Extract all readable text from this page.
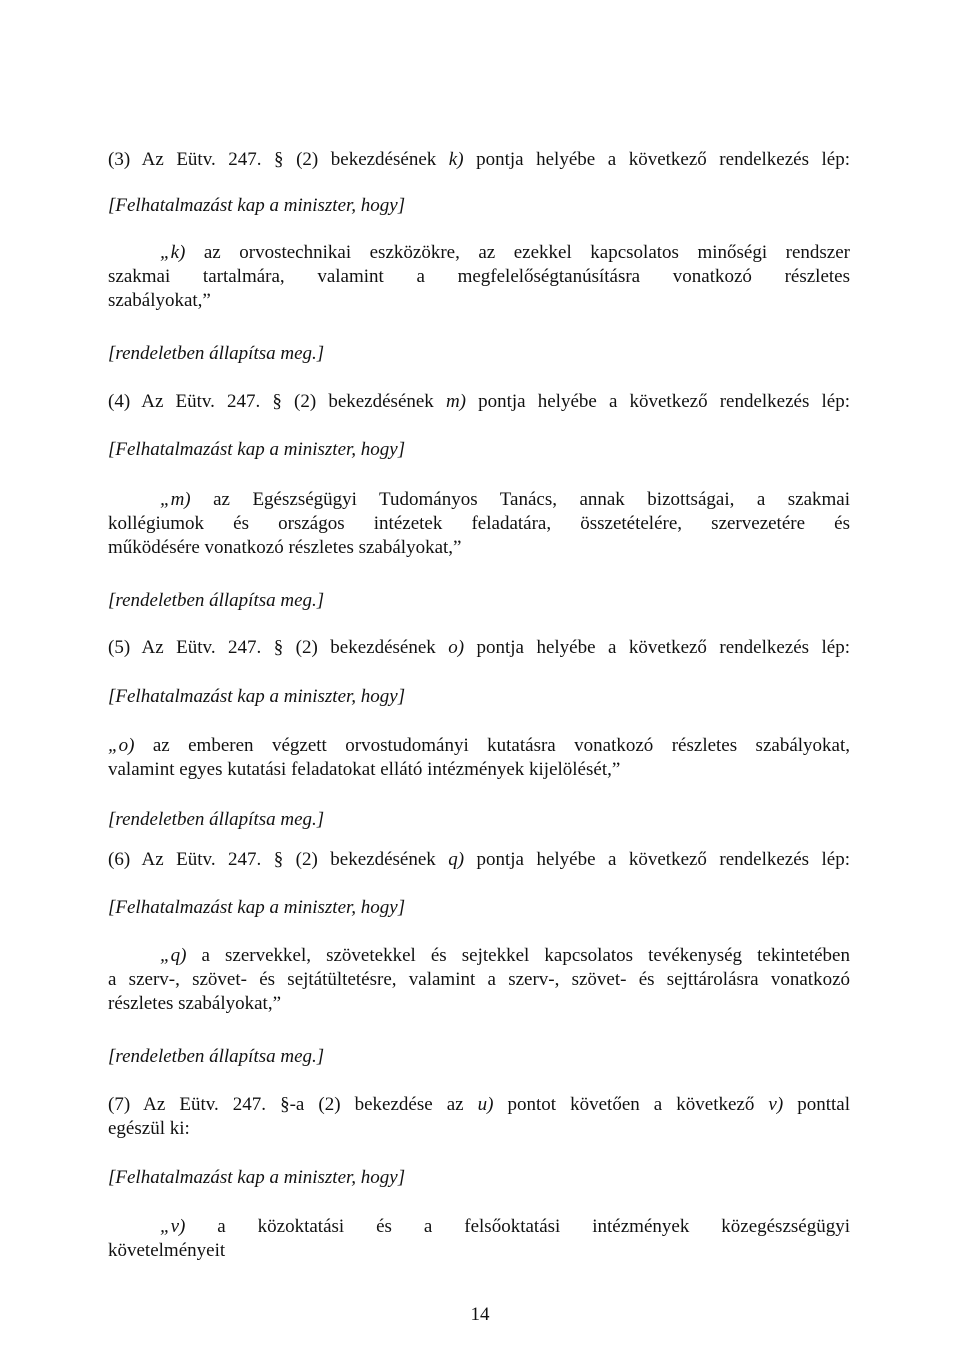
(3) Az Eütv. 247. § (2) bekezdésének k) pontja helyébe a következő rendelkezés lép:
[Felhatalmazást kap a miniszter, hogy]
„k) az orvostechnikai eszközökre, az ezekkel kapcsolatos minőségi rendszer
szakmai tartalmára, valamint a megfelelőségtanúsításra vonatkozó részletes
szabályokat,”
[rendeletben állapítsa meg.]
(4) Az Eütv. 247. § (2) bekezdésének m) pontja helyébe a következő rendelkezés lép:
[Felhatalmazást kap a miniszter, hogy]
„m) az Egészségügyi Tudományos Tanács, annak bizottságai, a szakmai
kollégiumok és országos intézetek feladatára, összetételére, szervezetére és
működésére vonatkozó részletes szabályokat,”
[rendeletben állapítsa meg.]
(5) Az Eütv. 247. § (2) bekezdésének o) pontja helyébe a következő rendelkezés lép:
[Felhatalmazást kap a miniszter, hogy]
„o) az emberen végzett orvostudományi kutatásra vonatkozó részletes szabályokat,
valamint egyes kutatási feladatokat ellátó intézmények kijelölését,”
[rendeletben állapítsa meg.]
(6) Az Eütv. 247. § (2) bekezdésének q) pontja helyébe a következő rendelkezés lép:
[Felhatalmazást kap a miniszter, hogy]
„q) a szervekkel, szövetekkel és sejtekkel kapcsolatos tevékenység tekintetében
a szerv-, szövet- és sejtátültetésre, valamint a szerv-, szövet- és sejttárolásra vonatkozó
részletes szabályokat,”
[rendeletben állapítsa meg.]
(7) Az Eütv. 247. §-a (2) bekezdése az u) pontot követően a következő v) ponttal
egészül ki:
[Felhatalmazást kap a miniszter, hogy]
„v) a közoktatási és a felsőoktatási intézmények közegészségügyi
követelményeit
14
